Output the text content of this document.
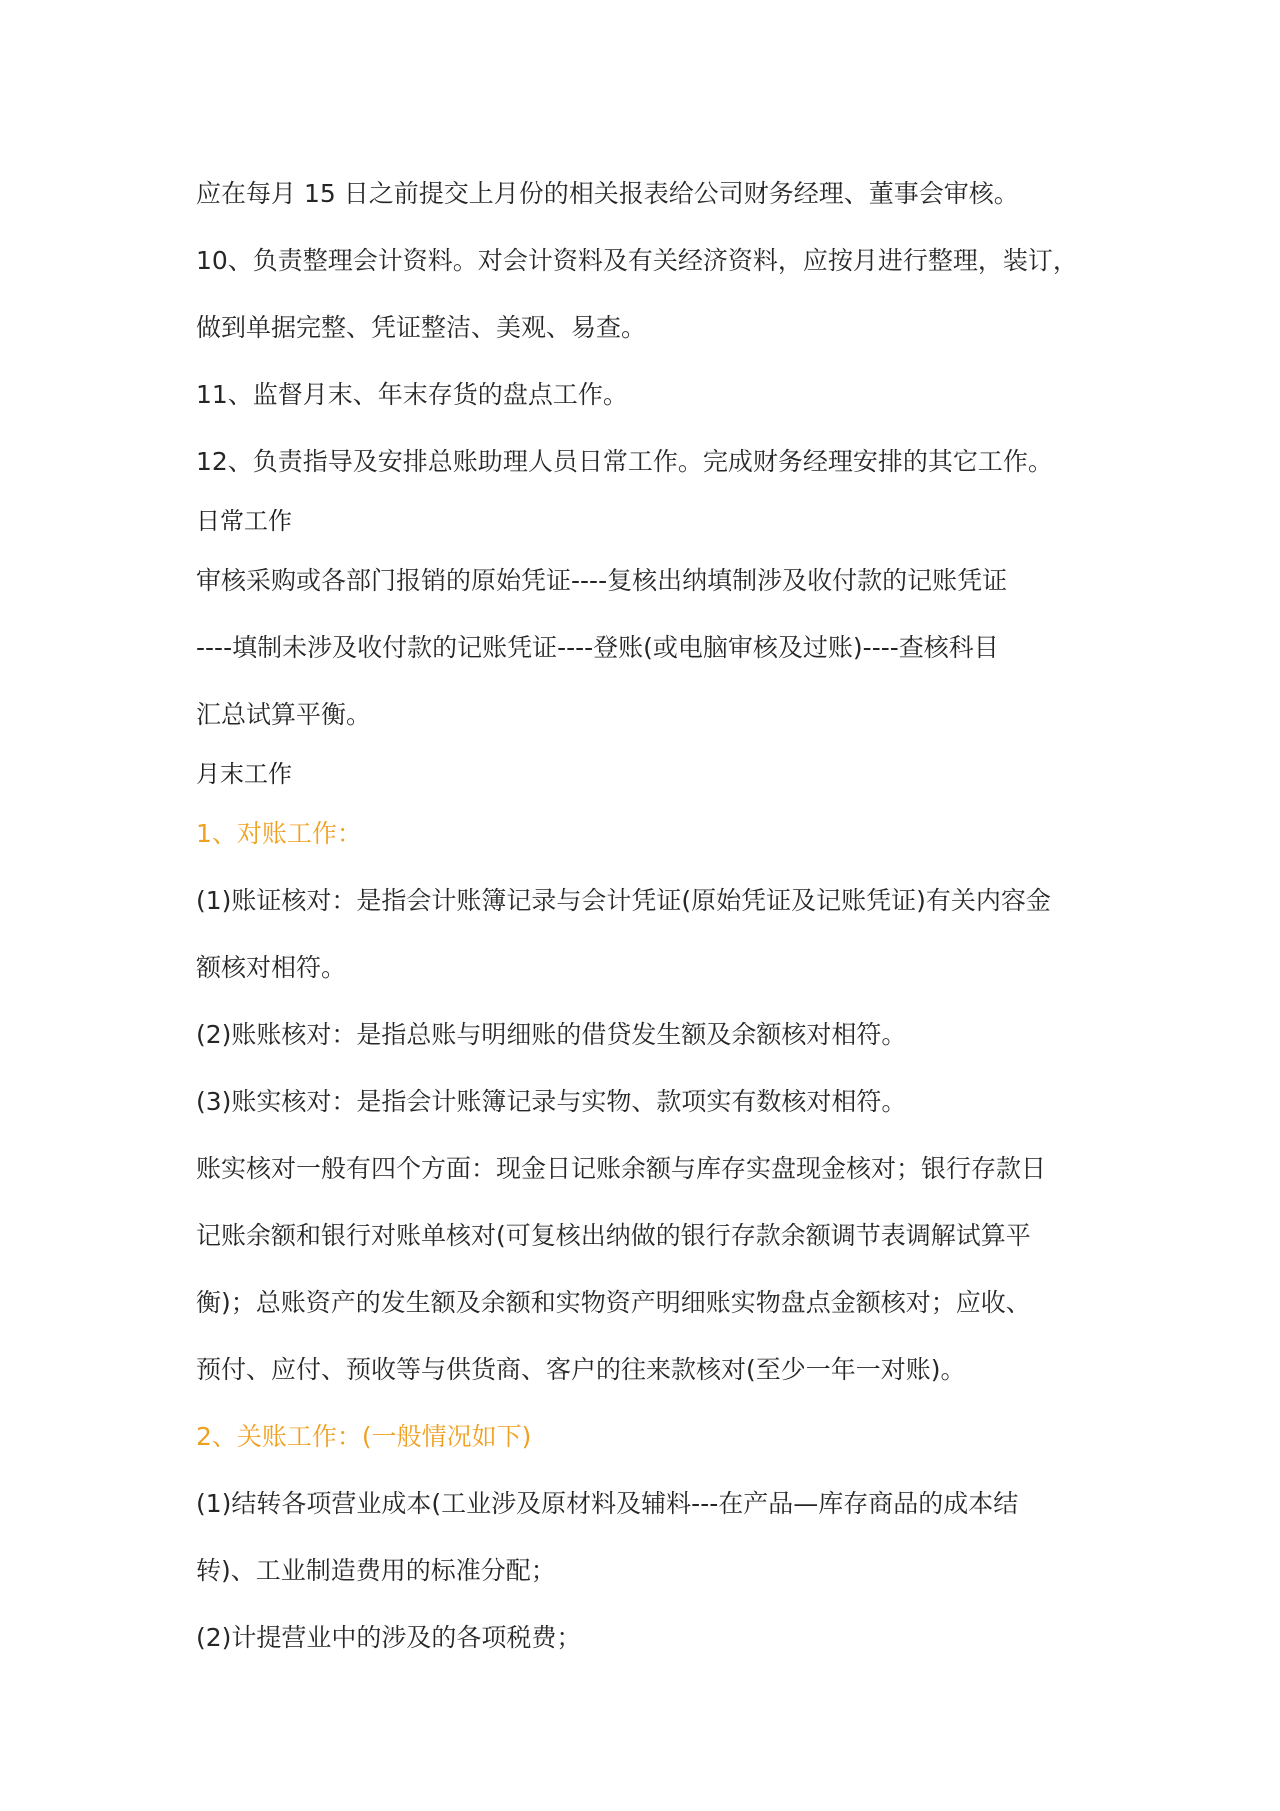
应在每月 15 日之前提交上月份的相关报表给公司财务经理、董事会审核。

10、负责整理会计资料。对会计资料及有关经济资料，应按月进行整理，装订，

做到单据完整、凭证整洁、美观、易查。

11、监督月末、年末存货的盘点工作。

12、负责指导及安排总账助理人员日常工作。完成财务经理安排的其它工作。

日常工作

审核采购或各部门报销的原始凭证----复核出纳填制涉及收付款的记账凭证

----填制未涉及收付款的记账凭证----登账(或电脑审核及过账)----查核科目

汇总试算平衡。

月末工作

1、对账工作：

(1)账证核对：是指会计账簿记录与会计凭证(原始凭证及记账凭证)有关内容金

额核对相符。

(2)账账核对：是指总账与明细账的借贷发生额及余额核对相符。

(3)账实核对：是指会计账簿记录与实物、款项实有数核对相符。

账实核对一般有四个方面：现金日记账余额与库存实盘现金核对；银行存款日

记账余额和银行对账单核对(可复核出纳做的银行存款余额调节表调解试算平

衡)；总账资产的发生额及余额和实物资产明细账实物盘点金额核对；应收、

预付、应付、预收等与供货商、客户的往来款核对(至少一年一对账)。

2、关账工作：(一般情况如下)

(1)结转各项营业成本(工业涉及原材料及辅料---在产品—库存商品的成本结

转)、工业制造费用的标准分配；

(2)计提营业中的涉及的各项税费；
